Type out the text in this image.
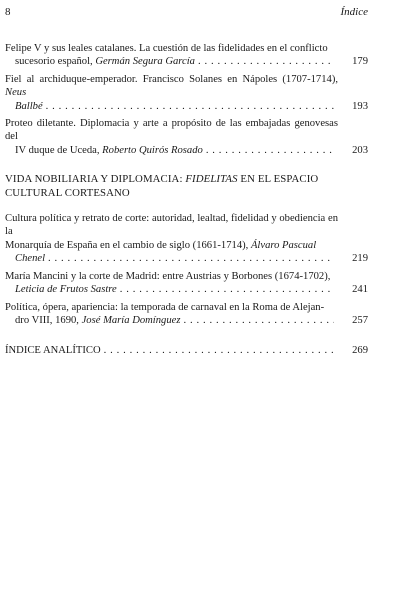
8	Índice
Felipe V y sus leales catalanes. La cuestión de las fidelidades en el conflicto
sucesorio español, Germán Segura García . . .	179
Fiel al archiduque-emperador. Francisco Solanes en Nápoles (1707-1714), Neus
Ballbé . . .	193
Proteo diletante. Diplomacia y arte a propósito de las embajadas genovesas del
IV duque de Uceda, Roberto Quirós Rosado . . .	203
VIDA NOBILIARIA Y DIPLOMACIA: FIDELITAS EN EL ESPACIO
CULTURAL CORTESANO
Cultura política y retrato de corte: autoridad, lealtad, fidelidad y obediencia en la
Monarquía de España en el cambio de siglo (1661-1714), Álvaro Pascual
Chenel . . .	219
María Mancini y la corte de Madrid: entre Austrias y Borbones (1674-1702),
Leticia de Frutos Sastre . . .	241
Política, ópera, apariencia: la temporada de carnaval en la Roma de Alejan-
dro VIII, 1690, José María Domínguez . . .	257
ÍNDICE ANALÍTICO . . .	269
